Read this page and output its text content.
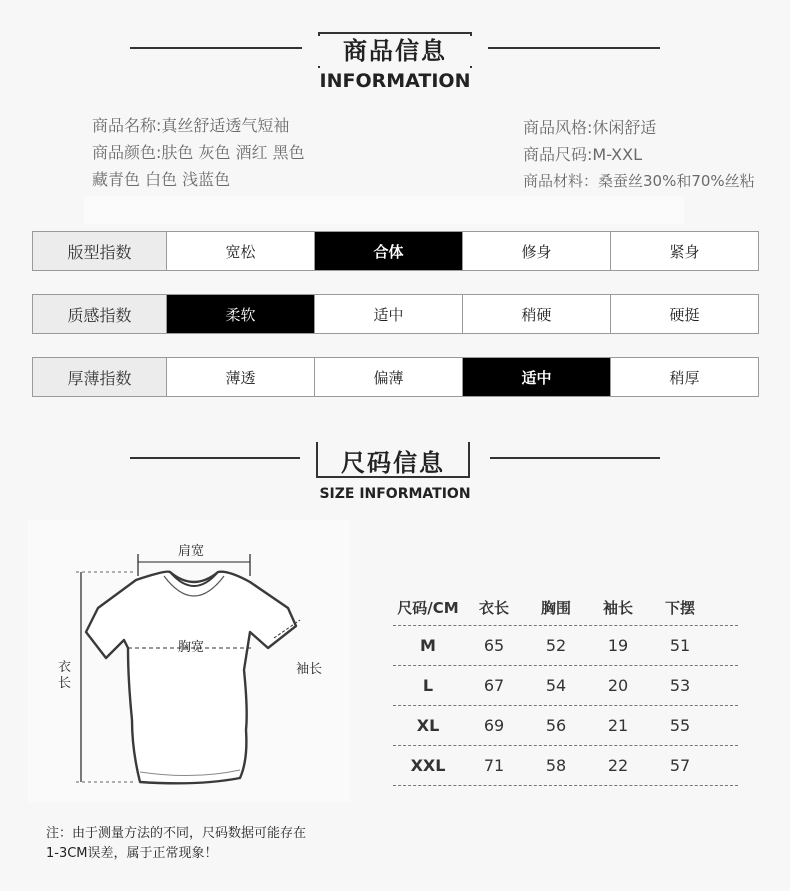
商品信息
INFORMATION
商品名称:真丝舒适透气短袖
商品颜色:肤色 灰色 酒红 黑色
藏青色 白色 浅蓝色
商品风格:休闲舒适
商品尺码:M-XXL
商品材料：桑蚕丝30%和70%丝粘
版型指数	宽松	合体	修身	紧身
质感指数	柔软	适中	稍硬	硬挺
厚薄指数	薄透	偏薄	适中	稍厚
尺码信息
SIZE INFORMATION
肩宽
胸宽
衣
长
袖长
尺码/CM	衣长	胸围	袖长	下摆
M	65	52	19	51
L	67	54	20	53
XL	69	56	21	55
XXL	71	58	22	57
注：由于测量方法的不同，尺码数据可能存在
1-3CM误差，属于正常现象！
